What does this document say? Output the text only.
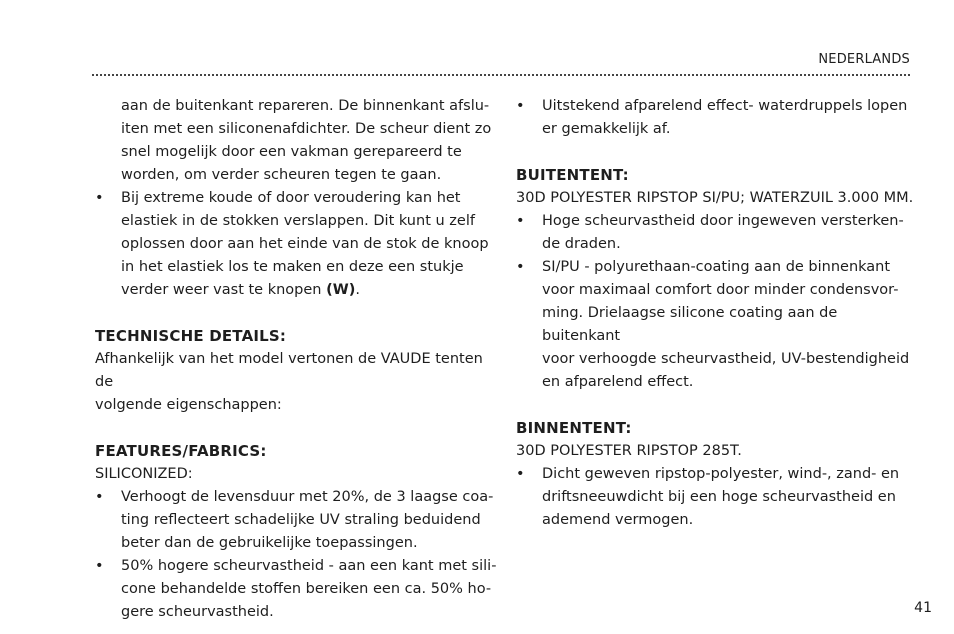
NEDERLANDS
aan de buitenkant repareren. De binnenkant afslu-
iten met een siliconenafdichter. De scheur dient zo
snel mogelijk door een vakman gerepareerd te
worden, om verder scheuren tegen te gaan.
•	Bij extreme koude of door veroudering kan het
elastiek in de stokken verslappen. Dit kunt u zelf
oplossen door aan het einde van de stok de knoop
in het elastiek los te maken en deze een stukje
verder weer vast te knopen (W).
TECHNISCHE DETAILS:
Afhankelijk van het model vertonen de VAUDE tenten de
volgende eigenschappen:
FEATURES/FABRICS:
SILICONIZED:
•	Verhoogt de levensduur met 20%, de 3 laagse coa-
ting reflecteert schadelijke UV straling beduidend
beter dan de gebruikelijke toepassingen.
•	50% hogere scheurvastheid - aan een kant met sili-
cone behandelde stoffen bereiken een ca. 50% ho-
gere scheurvastheid.
•	Uitstekend afparelend effect- waterdruppels lopen
er gemakkelijk af.
BUITENTENT:
30D POLYESTER RIPSTOP SI/PU; WATERZUIL 3.000 MM.
•	Hoge scheurvastheid door ingeweven versterken-
de draden.
•	SI/PU - polyurethaan-coating aan de binnenkant
voor maximaal comfort door minder condensvor-
ming. Drielaagse silicone coating aan de buitenkant
voor verhoogde scheurvastheid, UV-bestendigheid
en afparelend effect.
BINNENTENT:
30D POLYESTER RIPSTOP 285T.
•	Dicht geweven ripstop-polyester, wind-, zand- en
driftsneeuwdicht bij een hoge scheurvastheid en
ademend vermogen.
41
